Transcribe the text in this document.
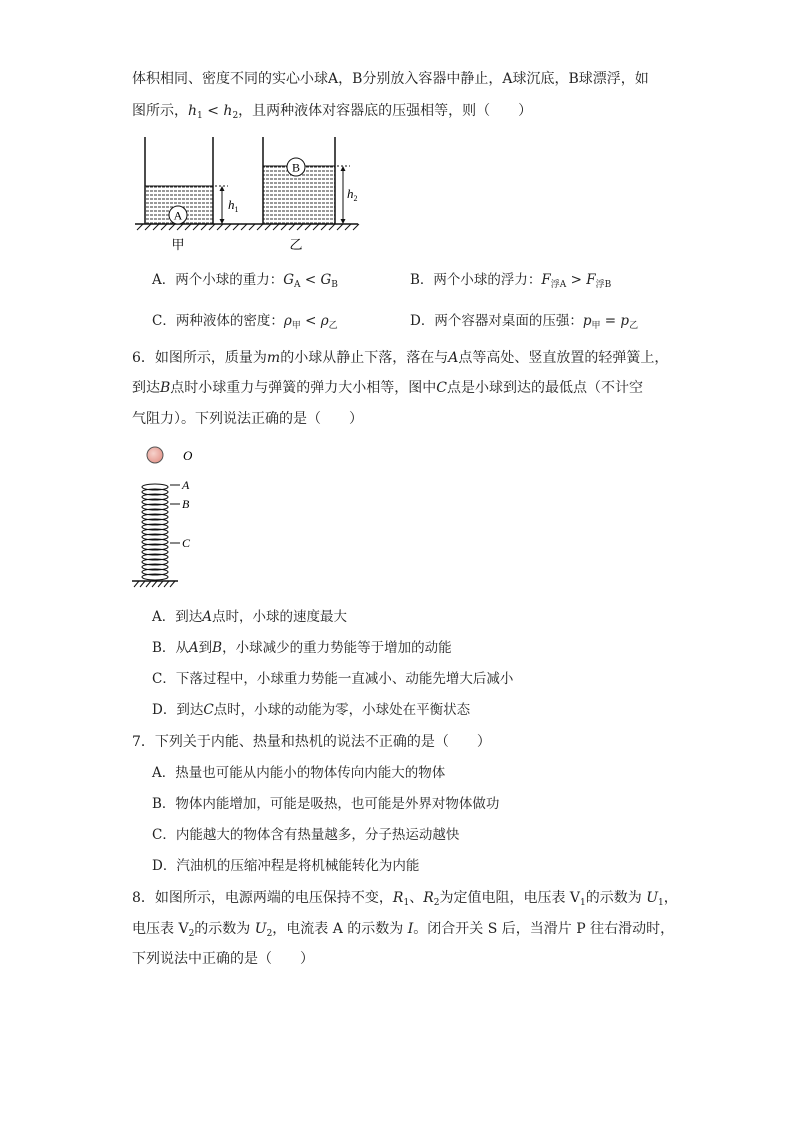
体积相同、密度不同的实心小球A，B分别放入容器中静止，A球沉底，B球漂浮，如
图所示，$h_1 < h_2$，且两种液体对容器底的压强相等，则（　　）
A
$h_1$
甲
B
$h_2$
乙
A．两个小球的重力：$G_A < G_B$	B．两个小球的浮力：$F_{浮A} > F_{浮B}$
C．两种液体的密度：$\rho_甲 < \rho_乙$	D．两个容器对桌面的压强：$p_甲 = p_乙$
6．如图所示，质量为m的小球从静止下落，落在与A点等高处、竖直放置的轻弹簧上，
到达B点时小球重力与弹簧的弹力大小相等，图中C点是小球到达的最低点（不计空
气阻力）。下列说法正确的是（　　）
O
A
B
C
A．到达A点时，小球的速度最大
B．从A到B，小球减少的重力势能等于增加的动能
C．下落过程中，小球重力势能一直减小、动能先增大后减小
D．到达C点时，小球的动能为零，小球处在平衡状态
7．下列关于内能、热量和热机的说法不正确的是（　　）
A．热量也可能从内能小的物体传向内能大的物体
B．物体内能增加，可能是吸热，也可能是外界对物体做功
C．内能越大的物体含有热量越多，分子热运动越快
D．汽油机的压缩冲程是将机械能转化为内能
8．如图所示，电源两端的电压保持不变，$R_1$、$R_2$为定值电阻，电压表 $V_1$的示数为 $U_1$，
电压表 $V_2$的示数为 $U_2$，电流表 A 的示数为 I。闭合开关 S 后，当滑片 P 往右滑动时，
下列说法中正确的是（　　）
